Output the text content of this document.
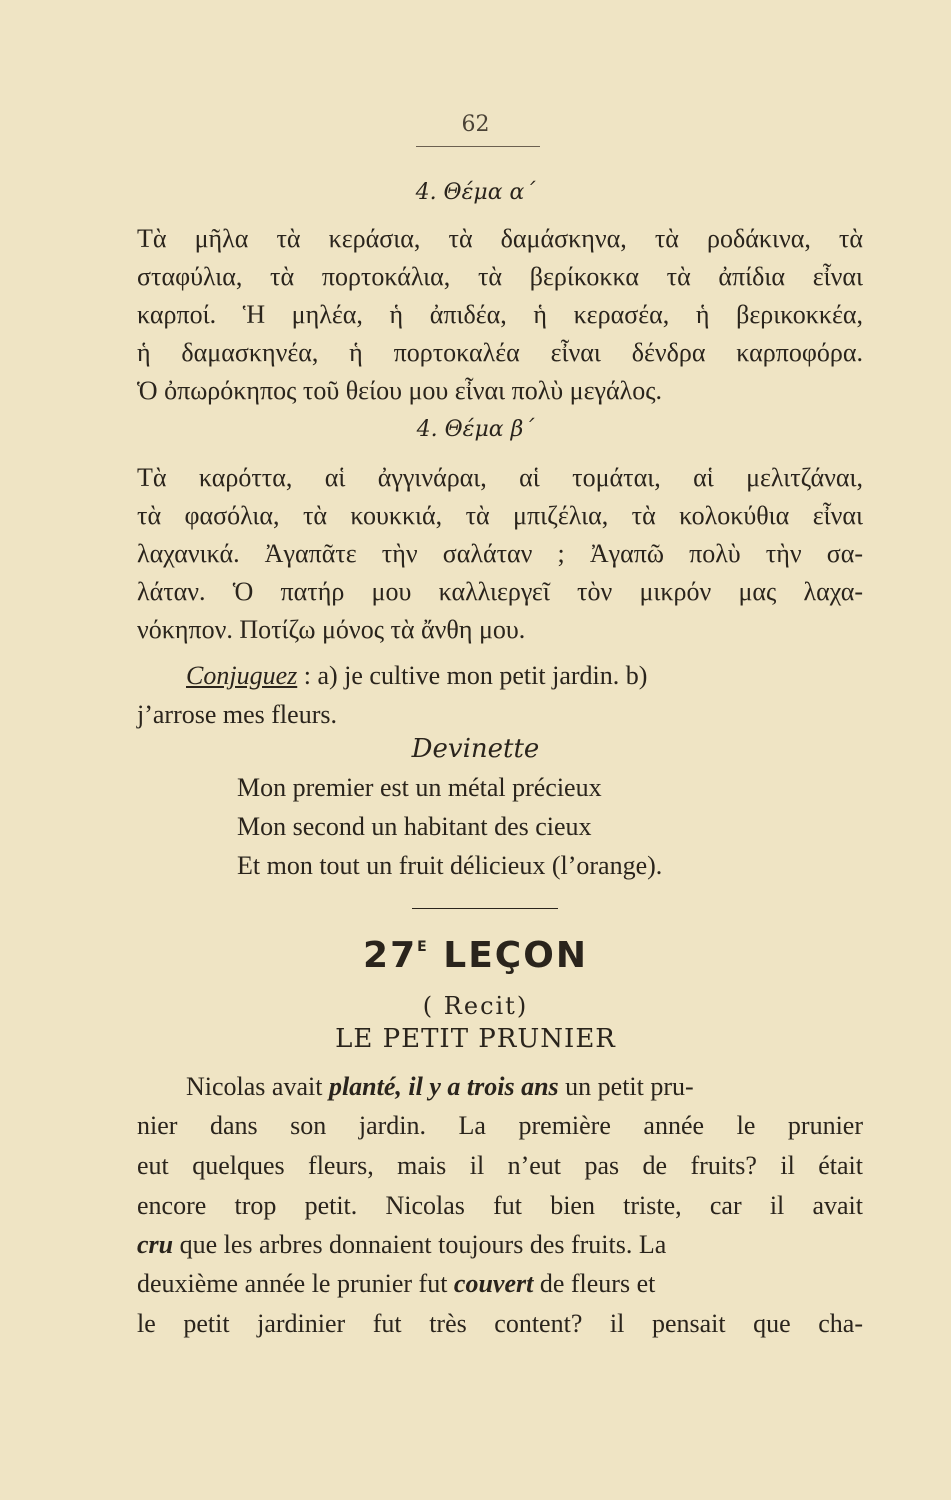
62
4. Θέμα α΄
Τὰ μῆλα τὰ κεράσια, τὰ δαμάσκηνα, τὰ ροδάκινα, τὰ
σταφύλια, τὰ πορτοκάλια, τὰ βερίκοκκα τὰ ἀπίδια εἶναι
καρποί. Ἡ μηλέα, ἡ ἀπιδέα, ἡ κερασέα, ἡ βερικοκκέα,
ἡ δαμασκηνέα, ἡ πορτοκαλέα εἶναι δένδρα καρποφόρα.
Ὁ ὀπωρόκηπος τοῦ θείου μου εἶναι πολὺ μεγάλος.
4. Θέμα β΄
Τὰ καρόττα, αἱ ἀγγινάραι, αἱ τομάται, αἱ μελιτζάναι,
τὰ φασόλια, τὰ κουκκιά, τὰ μπιζέλια, τὰ κολοκύθια εἶναι
λαχανικά. Ἀγαπᾶτε τὴν σαλάταν ; Ἀγαπῶ πολὺ τὴν σα-
λάταν. Ὁ πατήρ μου καλλιεργεῖ τὸν μικρόν μας λαχα-
νόκηπον. Ποτίζω μόνος τὰ ἄνθη μου.
Conjuguez : a) je cultive mon petit jardin. b)
j’arrose mes fleurs.
Devinette
Mon premier est un métal précieux
Mon second un habitant des cieux
Et mon tout un fruit délicieux (l’orange).
$27^E$ LEÇON
( Recit)
LE PETIT PRUNIER
Nicolas avait planté, il y a trois ans un petit pru-
nier dans son jardin. La première année le prunier
eut quelques fleurs, mais il n’eut pas de fruits? il était
encore trop petit. Nicolas fut bien triste, car il avait
cru que les arbres donnaient toujours des fruits. La
deuxième année le prunier fut couvert de fleurs et
le petit jardinier fut très content? il pensait que cha-
